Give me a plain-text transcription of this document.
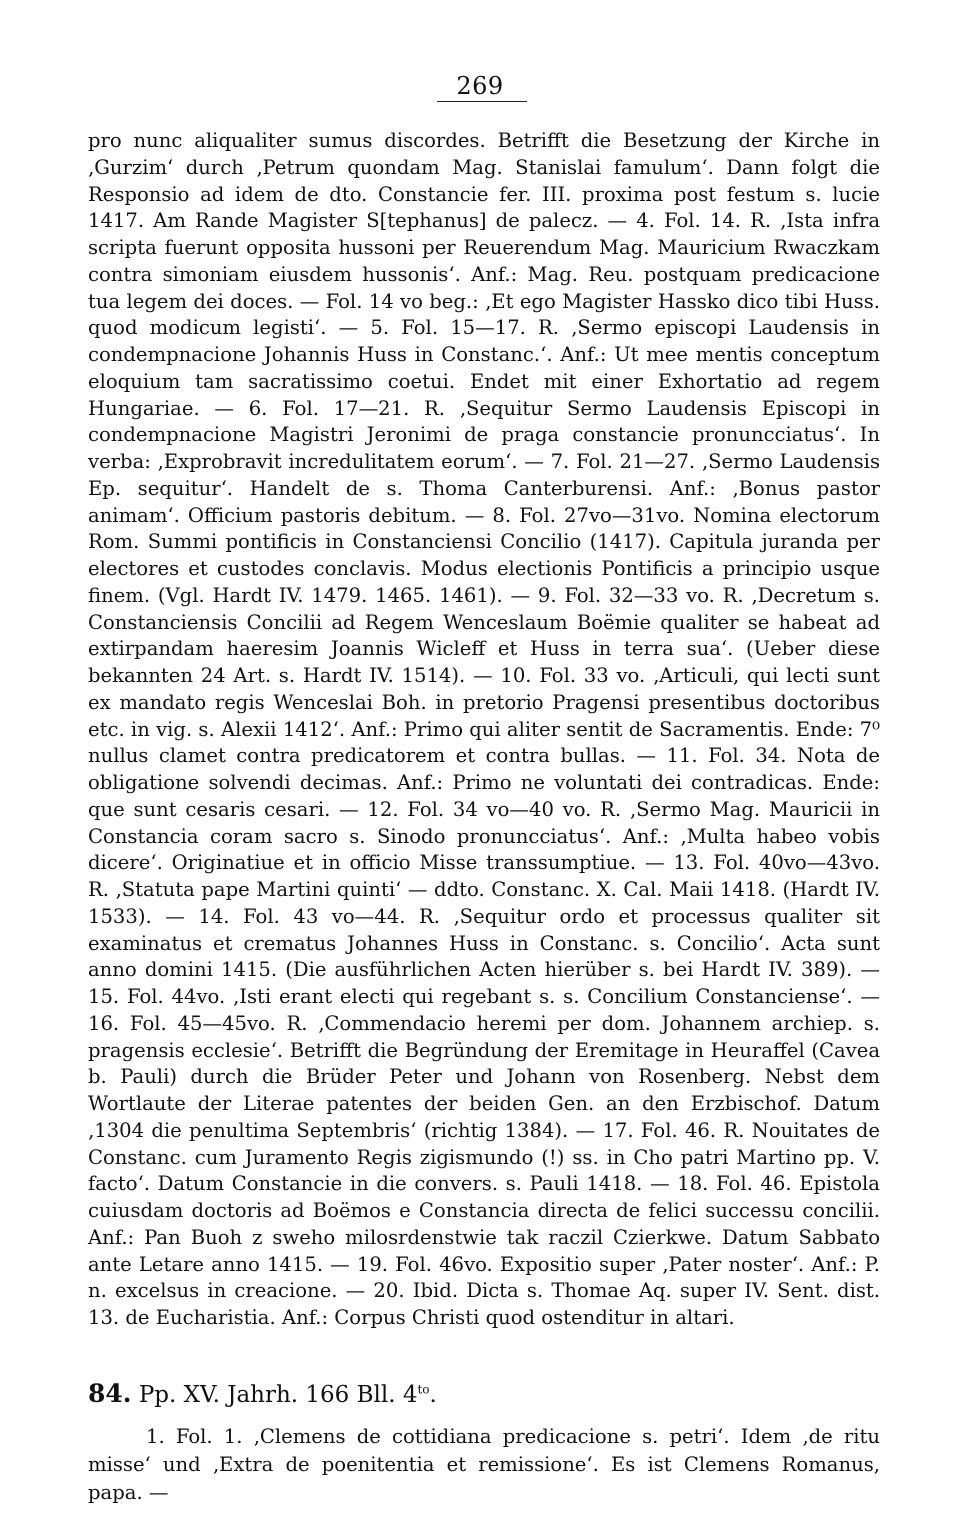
269

pro nunc aliqualiter sumus discordes. Betrifft die Besetzung der Kirche in ‚Gurzim‘ durch ‚Petrum quondam Mag. Stanislai famulum‘. Dann folgt die Responsio ad idem de dto. Constancie fer. III. proxima post festum s. lucie 1417. Am Rande Magister S[tephanus] de palecz. — 4. Fol. 14. R. ‚Ista infra scripta fuerunt opposita hussoni per Reuerendum Mag. Mauricium Rwaczkam contra simoniam eiusdem hussonis‘. Anf.: Mag. Reu. postquam predicacione tua legem dei doces. — Fol. 14 vo beg.: ‚Et ego Magister Hassko dico tibi Huss. quod modicum legisti‘. — 5. Fol. 15—17. R. ‚Sermo episcopi Laudensis in condempnacione Johannis Huss in Constanc.‘. Anf.: Ut mee mentis conceptum eloquium tam sacratissimo coetui. Endet mit einer Exhortatio ad regem Hungariae. — 6. Fol. 17—21. R. ‚Sequitur Sermo Laudensis Episcopi in condempnacione Magistri Jeronimi de praga constancie pronuncciatus‘. In verba: ‚Exprobravit incredulitatem eorum‘. — 7. Fol. 21—27. ‚Sermo Laudensis Ep. sequitur‘. Handelt de s. Thoma Canterburensi. Anf.: ‚Bonus pastor animam‘. Officium pastoris debitum. — 8. Fol. 27vo—31vo. Nomina electorum Rom. Summi pontificis in Constanciensi Concilio (1417). Capitula juranda per electores et custodes conclavis. Modus electionis Pontificis a principio usque finem. (Vgl. Hardt IV. 1479. 1465. 1461). — 9. Fol. 32—33 vo. R. ‚Decretum s. Constanciensis Concilii ad Regem Wenceslaum Boëmie qualiter se habeat ad extirpandam haeresim Joannis Wicleff et Huss in terra sua‘. (Ueber diese bekannten 24 Art. s. Hardt IV. 1514). — 10. Fol. 33 vo. ‚Articuli, qui lecti sunt ex mandato regis Wenceslai Boh. in pretorio Pragensi presentibus doctoribus etc. in vig. s. Alexii 1412‘. Anf.: Primo qui aliter sentit de Sacramentis. Ende: 7⁰ nullus clamet contra predicatorem et contra bullas. — 11. Fol. 34. Nota de obligatione solvendi decimas. Anf.: Primo ne voluntati dei contradicas. Ende: que sunt cesaris cesari. — 12. Fol. 34 vo—40 vo. R. ‚Sermo Mag. Mauricii in Constancia coram sacro s. Sinodo pronuncciatus‘. Anf.: ‚Multa habeo vobis dicere‘. Originatiue et in officio Misse transsumptiue. — 13. Fol. 40vo—43vo. R. ‚Statuta pape Martini quinti‘ — ddto. Constanc. X. Cal. Maii 1418. (Hardt IV. 1533). — 14. Fol. 43 vo—44. R. ‚Sequitur ordo et processus qualiter sit examinatus et crematus Johannes Huss in Constanc. s. Concilio‘. Acta sunt anno domini 1415. (Die ausführlichen Acten hierüber s. bei Hardt IV. 389). — 15. Fol. 44vo. ‚Isti erant electi qui regebant s. s. Concilium Constanciense‘. — 16. Fol. 45—45vo. R. ‚Commendacio heremi per dom. Johannem archiep. s. pragensis ecclesie‘. Betrifft die Begründung der Eremitage in Heuraffel (Cavea b. Pauli) durch die Brüder Peter und Johann von Rosenberg. Nebst dem Wortlaute der Literae patentes der beiden Gen. an den Erzbischof. Datum ‚1304 die penultima Septembris‘ (richtig 1384). — 17. Fol. 46. R. Nouitates de Constanc. cum Juramento Regis zigismundo (!) ss. in Cho patri Martino pp. V. facto‘. Datum Constancie in die convers. s. Pauli 1418. — 18. Fol. 46. Epistola cuiusdam doctoris ad Boëmos e Constancia directa de felici successu concilii. Anf.: Pan Buoh z sweho milosrdenstwie tak raczil Czierkwe. Datum Sabbato ante Letare anno 1415. — 19. Fol. 46vo. Expositio super ‚Pater noster‘. Anf.: P. n. excelsus in creacione. — 20. Ibid. Dicta s. Thomae Aq. super IV. Sent. dist. 13. de Eucharistia. Anf.: Corpus Christi quod ostenditur in altari.

84. Pp. XV. Jahrh. 166 Bll. $4^{to}$.
1. Fol. 1. ‚Clemens de cottidiana predicacione s. petri‘. Idem ‚de ritu misse‘ und ‚Extra de poenitentia et remissione‘. Es ist Clemens Romanus, papa. —
